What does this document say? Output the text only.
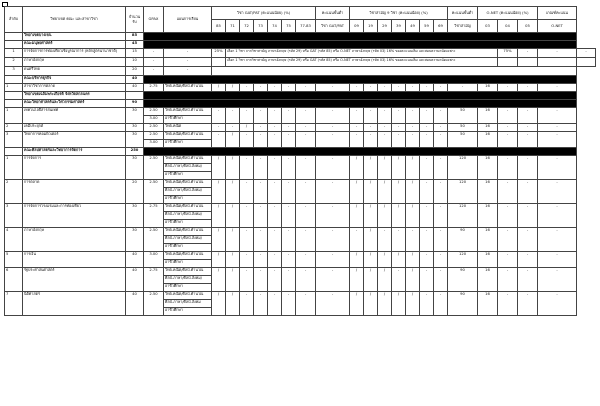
ลำดับ	วิทยาเขต คณะ และสาขาวิชา	จำนวนรับ	GPAX	แผนการเรียน	วิชา GAT/PAT (คะแนนน้อย) (%)							คะแนนขั้นต่ำ	วิชาสามัญ 9 วิชา (คะแนนน้อย) (%)							คะแนนขั้นต่ำ	O-NET (คะแนนน้อย) (%)			เกณฑ์คะแนน	
					85	71	72	73	74	75	77-83	วิชา GAT/PAT	09	19	29	39	49	59	69	วิชาสามัญ	03	04	05	O-NET	
	วิทยาเขตบางเขน	85																							
	คณะมนุษยศาสตร์	45																							
1	การจัดการการท่องเที่ยวเชิงบูรณาการ (หลักสูตรนานาชาติ)	15	-	-	25%	เลือก 1 วิชา จากวิชาสามัญ ภาษาอังกฤษ (รหัส 29) หรือ GAT (รหัส 85) หรือ O-NET ภาษาอังกฤษ (รหัส 03) 16% ของคะแนนเต็ม และสอบความถนัดเฉพาะ																75%	-	-	-
2	ภาษาอังกฤษ	10	-	-		เลือก 1 วิชา จากวิชาสามัญ ภาษาอังกฤษ (รหัส 29) หรือ GAT (รหัส 85) หรือ O-NET ภาษาอังกฤษ (รหัส 03) 16% ของคะแนนเต็ม และสอบความถนัดเฉพาะ																			
3	ดนตรีไทย	20	-	-																					
	คณะบริหารธุรกิจ	40																							
1	สาขาวิชาการตลาด	40	2.75	วิทย์-คณิต/ศิลป์-คำนวณ	/	/	-	-	-	-	-	-	-	-	-	-	-	-	-	-	16	-	-	-	
	วิทยาเขตเฉลิมพระเกียรติ จังหวัดสกลนคร																								
	คณะวิทยาศาสตร์และวิศวกรรมศาสตร์	90																							
1	เทคโนโลยีสารสนเทศ	30	2.50	วิทย์-คณิต/ศิลป์-คำนวณ	-	-	-	-	-	-	-	-	-	-	-	-	-	-	-	50	16	-	-	-	
			3.00	อาชีวศึกษา																					
2	เคมีประยุกต์	30	2.50	วิทย์-คณิต	-	-	/	-	-	-	-	-	-	-	-	-	-	-	-	50	16	-	-	-	
3	วิทยาการคอมพิวเตอร์	30	2.50	วิทย์-คณิต/ศิลป์-คำนวณ	-	/	-	-	-	-	-	-	-	-	-	-	-	-	-	50	16	-	-	-	
			3.00	อาชีวศึกษา																					
	คณะศิลปศาสตร์และวิทยาการจัดการ	250																							
1	การจัดการ	30	2.50	วิทย์-คณิต/ศิลป์-คำนวณ	/	/	-	-	-	-	-	-	/	/	/	/	/	-	-	120	16	-	-	-	
				ศิลป์-ภาษา/ศิลป์-สังคม/																					
				อาชีวศึกษา																					
2	การตลาด	20	2.50	วิทย์-คณิต/ศิลป์-คำนวณ	/	/	-	-	-	-	-	-	/	/	/	/	/	-	-	120	16	-	-	-	
				ศิลป์-ภาษา/ศิลป์-สังคม/																					
				อาชีวศึกษา																					
3	การจัดการโรงแรมและการท่องเที่ยว	30	2.75	วิทย์-คณิต/ศิลป์-คำนวณ	/	/	-	-	-	-	-	-	/	/	/	/	/	-	-	120	16	-	-	-	
				ศิลป์-ภาษา/ศิลป์-สังคม/																					
				อาชีวศึกษา																					
4	ภาษาอังกฤษ	30	2.50	วิทย์-คณิต/ศิลป์-คำนวณ	/	/	-	-	-	-	-	-	-	/	-	-	-	-	-	90	16	-	-	-	
				ศิลป์-ภาษา/ศิลป์-สังคม/																					
				อาชีวศึกษา																					
5	การเงิน	40	3.00	วิทย์-คณิต/ศิลป์-คำนวณ	/	/	-	-	-	-	-	-	/	/	/	/	/	-	-	120	16	-	-	-	
				อาชีวศึกษา																					
6	รัฐประศาสนศาสตร์	40	2.75	วิทย์-คณิต/ศิลป์-คำนวณ	/	/	-	-	-	-	-	-	/	/	/	-	/	-	-	90	16	-	-	-	
				ศิลป์-ภาษา/ศิลป์-สังคม/																					
				อาชีวศึกษา																					
7	นิติศาสตร์	40	2.50	วิทย์-คณิต/ศิลป์-คำนวณ	/	/	-	-	-	-	-	-	/	/	/	/	/	-	-	90	16	-	-	-	
				ศิลป์-ภาษา/ศิลป์-สังคม																					
				อาชีวศึกษา																					
